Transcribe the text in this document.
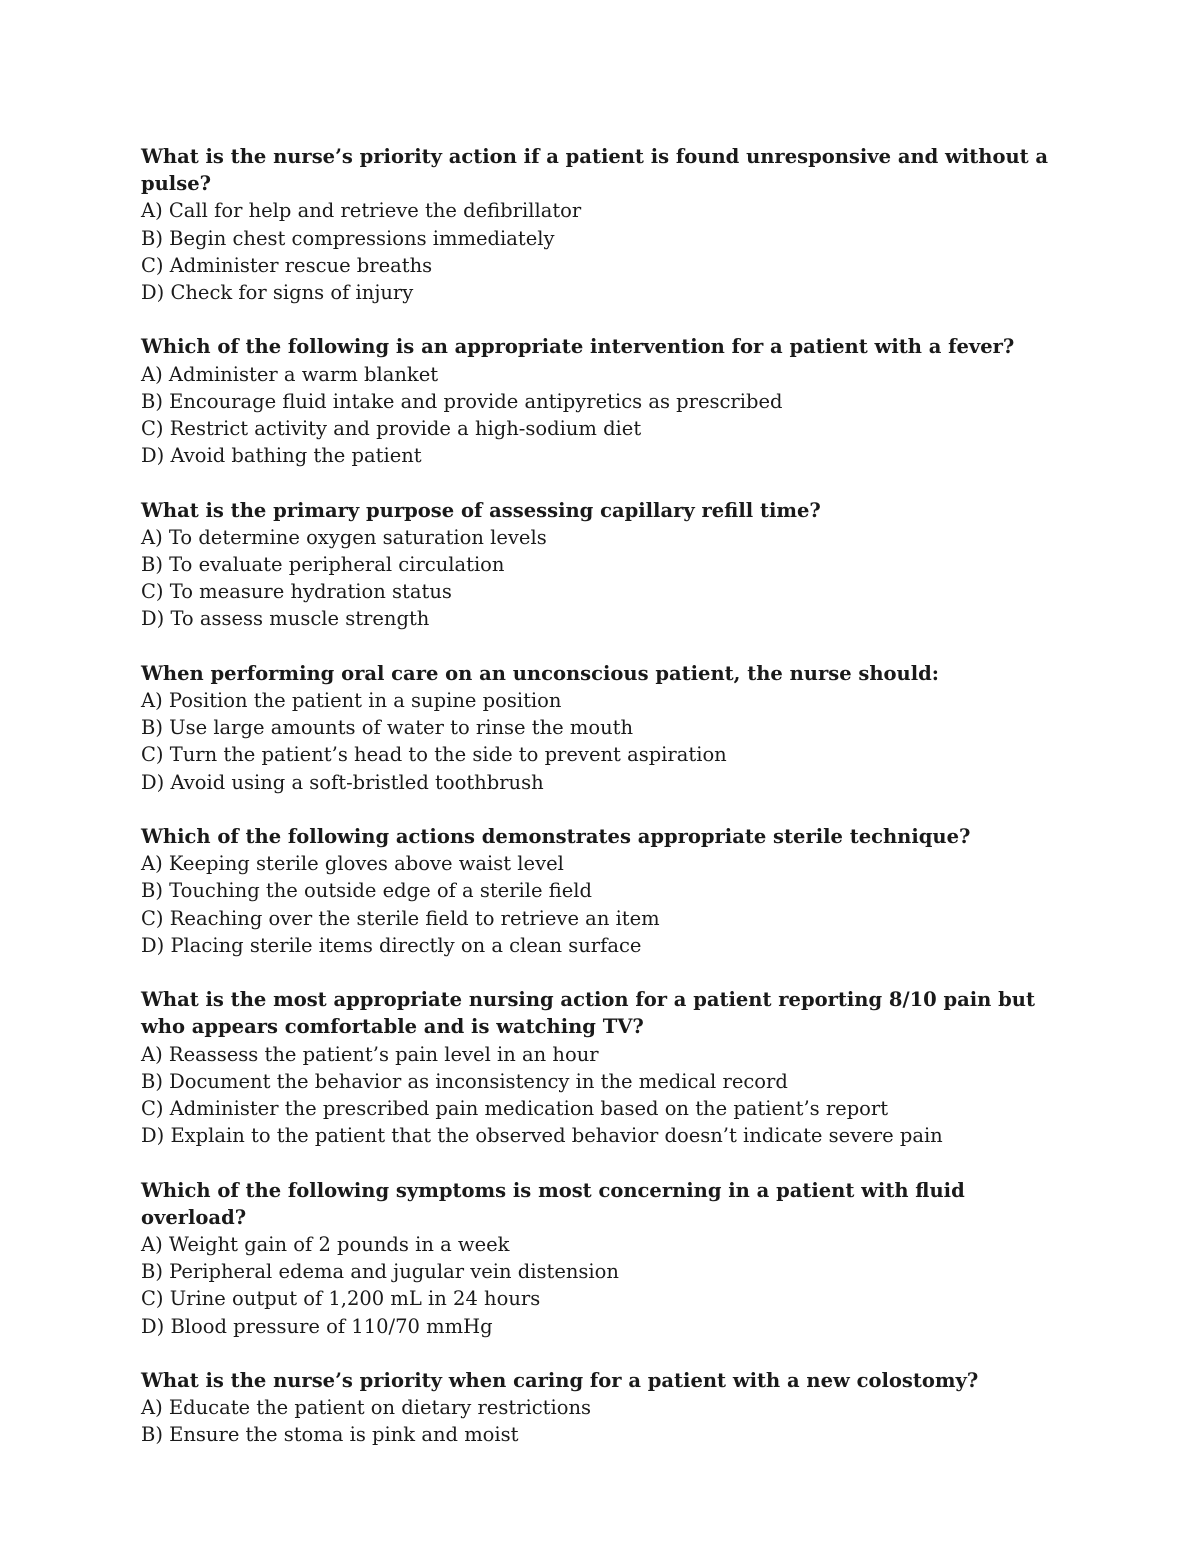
What is the nurse’s priority action if a patient is found unresponsive and without a pulse?
A) Call for help and retrieve the defibrillator
B) Begin chest compressions immediately
C) Administer rescue breaths
D) Check for signs of injury
Which of the following is an appropriate intervention for a patient with a fever?
A) Administer a warm blanket
B) Encourage fluid intake and provide antipyretics as prescribed
C) Restrict activity and provide a high-sodium diet
D) Avoid bathing the patient
What is the primary purpose of assessing capillary refill time?
A) To determine oxygen saturation levels
B) To evaluate peripheral circulation
C) To measure hydration status
D) To assess muscle strength
When performing oral care on an unconscious patient, the nurse should:
A) Position the patient in a supine position
B) Use large amounts of water to rinse the mouth
C) Turn the patient’s head to the side to prevent aspiration
D) Avoid using a soft-bristled toothbrush
Which of the following actions demonstrates appropriate sterile technique?
A) Keeping sterile gloves above waist level
B) Touching the outside edge of a sterile field
C) Reaching over the sterile field to retrieve an item
D) Placing sterile items directly on a clean surface
What is the most appropriate nursing action for a patient reporting 8/10 pain but who appears comfortable and is watching TV?
A) Reassess the patient’s pain level in an hour
B) Document the behavior as inconsistency in the medical record
C) Administer the prescribed pain medication based on the patient’s report
D) Explain to the patient that the observed behavior doesn’t indicate severe pain
Which of the following symptoms is most concerning in a patient with fluid overload?
A) Weight gain of 2 pounds in a week
B) Peripheral edema and jugular vein distension
C) Urine output of 1,200 mL in 24 hours
D) Blood pressure of 110/70 mmHg
What is the nurse’s priority when caring for a patient with a new colostomy?
A) Educate the patient on dietary restrictions
B) Ensure the stoma is pink and moist
